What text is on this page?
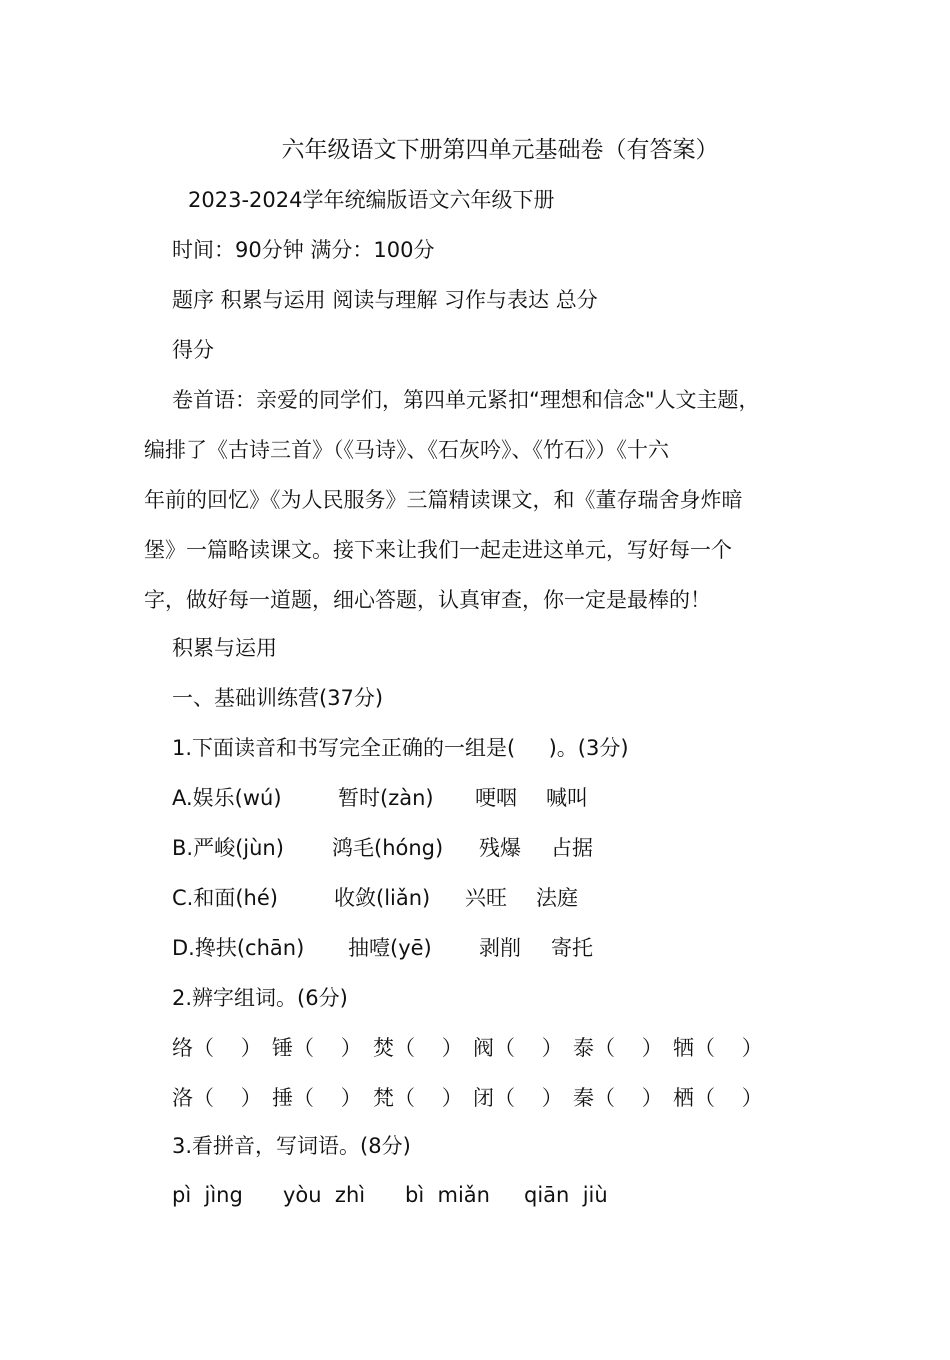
六年级语文下册第四单元基础卷（有答案）
2023-2024学年统编版语文六年级下册
时间：90分钟 满分：100分
题序 积累与运用 阅读与理解 习作与表达 总分
得分
卷首语：亲爱的同学们，第四单元紧扣“理想和信念"人文主题，
编排了《古诗三首》（《马诗》、《石灰吟》、《竹石》）《十六
年前的回忆》《为人民服务》三篇精读课文，和《董存瑞舍身炸暗
堡》一篇略读课文。接下来让我们一起走进这单元，写好每一个
字，做好每一道题，细心答题，认真审查，你一定是最棒的！
积累与运用
一、基础训练营(37分)
1.下面读音和书写完全正确的一组是(     )。(3分)

A.娱乐(wú)

	暂时(zàn)

哽咽

喊叫

B.严峻(jùn)

鸿毛(hóng)

残爆

占据

C.和面(hé)

	收敛(liǎn)

兴旺

法庭

D.搀扶(chān)

抽噎(yē)

剥削

寄托

2.辨字组词。(6分)

络（    ）

锤（    ）

焚（    ）

阀（    ）

泰（    ）

牺（    ）

洛（    ）

捶（    ）

梵（    ）

闭（    ）

秦（    ）

栖（    ）

3.看拼音，写词语。(8分)

pì  jìng

yòu  zhì

bì  miǎn

qiān  jiù
